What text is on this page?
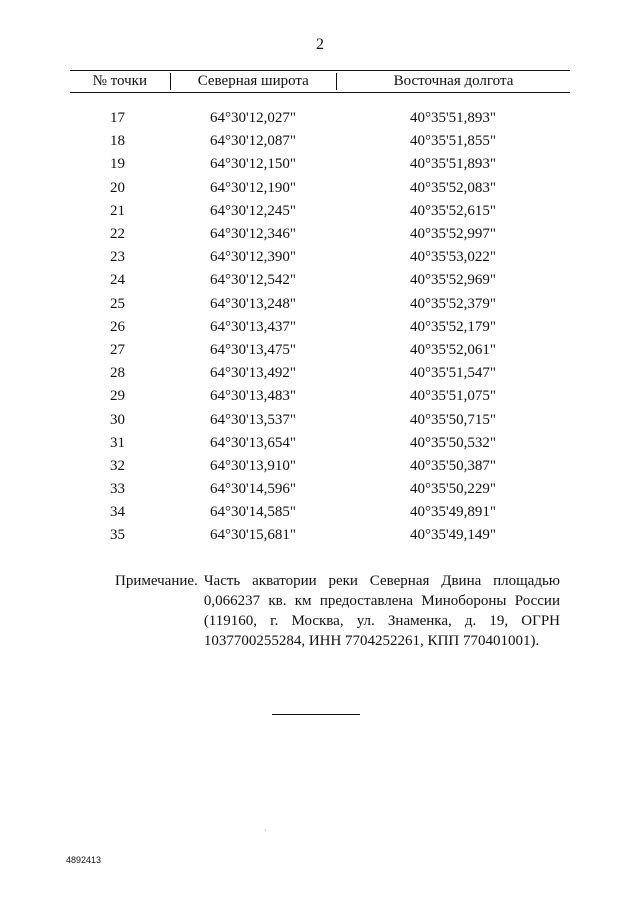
2
№ точки	Северная широта	Восточная долгота
17	64°30'12,027"	40°35'51,893"
18	64°30'12,087"	40°35'51,855"
19	64°30'12,150"	40°35'51,893"
20	64°30'12,190"	40°35'52,083"
21	64°30'12,245"	40°35'52,615"
22	64°30'12,346"	40°35'52,997"
23	64°30'12,390"	40°35'53,022"
24	64°30'12,542"	40°35'52,969"
25	64°30'13,248"	40°35'52,379"
26	64°30'13,437"	40°35'52,179"
27	64°30'13,475"	40°35'52,061"
28	64°30'13,492"	40°35'51,547"
29	64°30'13,483"	40°35'51,075"
30	64°30'13,537"	40°35'50,715"
31	64°30'13,654"	40°35'50,532"
32	64°30'13,910"	40°35'50,387"
33	64°30'14,596"	40°35'50,229"
34	64°30'14,585"	40°35'49,891"
35	64°30'15,681"	40°35'49,149"
Примечание. Часть акватории реки Северная Двина площадью 0,066237 кв. км предоставлена Минобороны России (119160, г. Москва, ул. Знаменка, д. 19, ОГРН 1037700255284, ИНН 7704252261, КПП 770401001).
·
4892413
